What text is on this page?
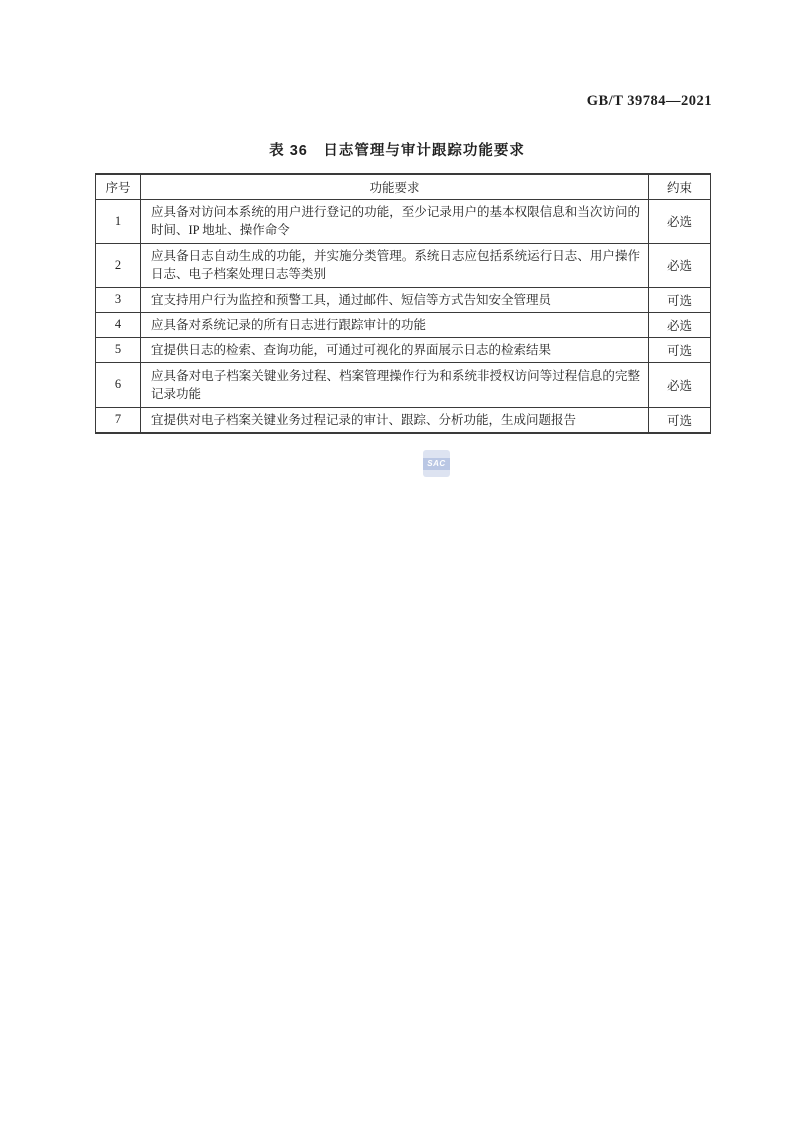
GB/T 39784—2021
表 36　日志管理与审计跟踪功能要求
序号	功能要求	约束
1	应具备对访问本系统的用户进行登记的功能，至少记录用户的基本权限信息和当次访问的时间、IP 地址、操作命令	必选
2	应具备日志自动生成的功能，并实施分类管理。系统日志应包括系统运行日志、用户操作日志、电子档案处理日志等类别	必选
3	宜支持用户行为监控和预警工具，通过邮件、短信等方式告知安全管理员	可选
4	应具备对系统记录的所有日志进行跟踪审计的功能	必选
5	宜提供日志的检索、查询功能，可通过可视化的界面展示日志的检索结果	可选
6	应具备对电子档案关键业务过程、档案管理操作行为和系统非授权访问等过程信息的完整记录功能	必选
7	宜提供对电子档案关键业务过程记录的审计、跟踪、分析功能，生成问题报告	可选
SAC
